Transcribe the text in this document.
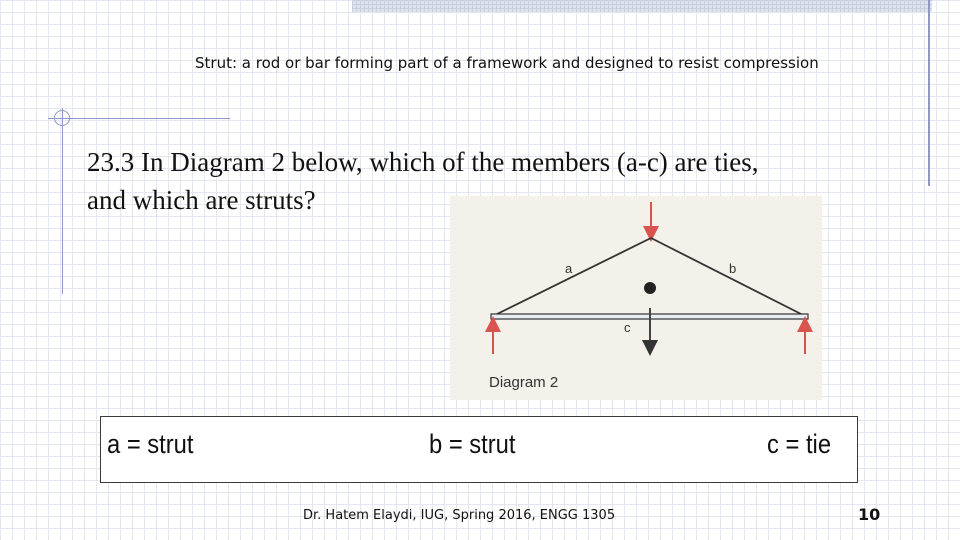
Strut: a rod or bar forming part of a framework and designed to resist compression
23.3 In Diagram 2 below, which of the members (a-c) are ties,
and which are struts?
a	b
c
Diagram 2
a = strut	b = strut	c = tie
Dr. Hatem Elaydi, IUG, Spring 2016, ENGG 1305	10
